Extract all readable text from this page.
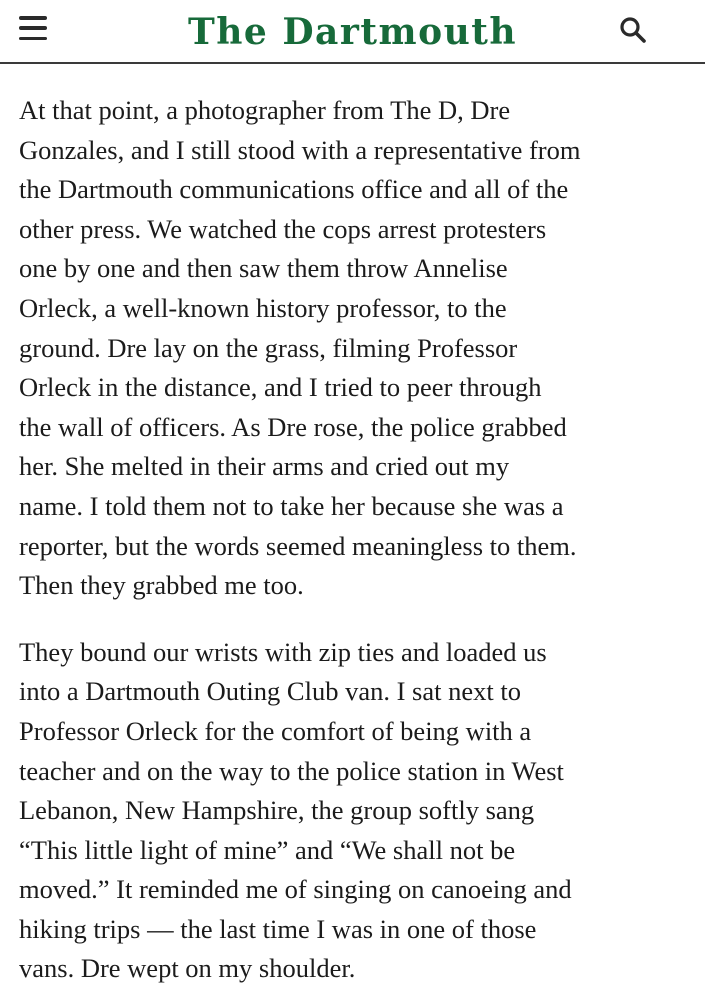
The Dartmouth

At that point, a photographer from The D, Dre
Gonzales, and I still stood with a representative from
the Dartmouth communications office and all of the
other press. We watched the cops arrest protesters
one by one and then saw them throw Annelise
Orleck, a well-known history professor, to the
ground. Dre lay on the grass, filming Professor
Orleck in the distance, and I tried to peer through
the wall of officers. As Dre rose, the police grabbed
her. She melted in their arms and cried out my
name. I told them not to take her because she was a
reporter, but the words seemed meaningless to them.
Then they grabbed me too.

They bound our wrists with zip ties and loaded us
into a Dartmouth Outing Club van. I sat next to
Professor Orleck for the comfort of being with a
teacher and on the way to the police station in West
Lebanon, New Hampshire, the group softly sang
“This little light of mine” and “We shall not be
moved.” It reminded me of singing on canoeing and
hiking trips — the last time I was in one of those
vans. Dre wept on my shoulder.
